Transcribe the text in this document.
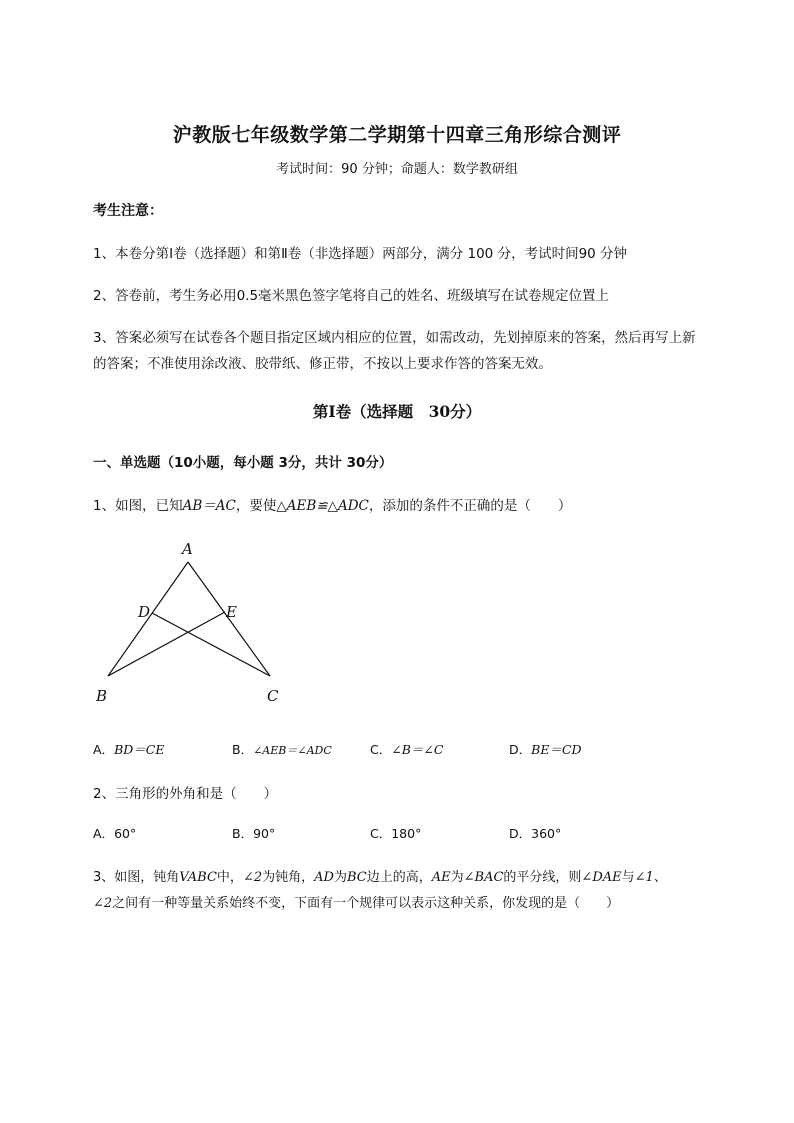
沪教版七年级数学第二学期第十四章三角形综合测评
考试时间：90 分钟；命题人：数学教研组
考生注意：
1、本卷分第Ⅰ卷（选择题）和第Ⅱ卷（非选择题）两部分，满分 100 分，考试时间90 分钟
2、答卷前，考生务必用0.5毫米黑色签字笔将自己的姓名、班级填写在试卷规定位置上
3、答案必须写在试卷各个题目指定区域内相应的位置，如需改动，先划掉原来的答案，然后再写上新
的答案；不准使用涂改液、胶带纸、修正带，不按以上要求作答的答案无效。
第Ⅰ卷（选择题　30分）
一、单选题（10小题，每小题 3分，共计 30分）
1、如图，已知AB＝AC，要使△AEB≌△ADC，添加的条件不正确的是（　　）
A
D	E
B	C
A．BD＝CE	B．∠AEB＝∠ADC	C．∠B＝∠C	D．BE＝CD
2、三角形的外角和是（　　）
A．60°	B．90°	C．180°	D．360°
3、如图，钝角VABC中，∠2为钝角，AD为BC边上的高，AE为∠BAC的平分线，则∠DAE与∠1、
∠2之间有一种等量关系始终不变，下面有一个规律可以表示这种关系，你发现的是（　　）
